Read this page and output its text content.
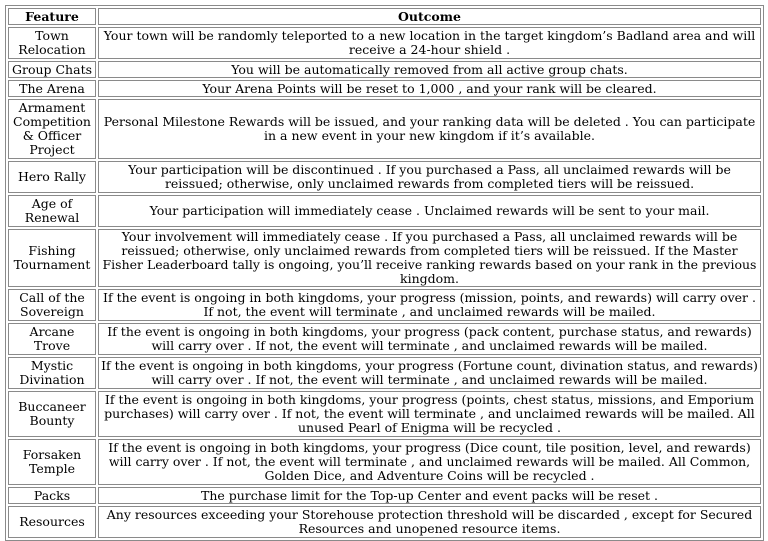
Feature	Outcome
Town Relocation	Your town will be randomly teleported to a new location in the target kingdom’s Badland area and will receive a 24-hour shield .
Group Chats	You will be automatically removed from all active group chats.
The Arena	Your Arena Points will be reset to 1,000 , and your rank will be cleared.
Armament Competition & Officer Project	Personal Milestone Rewards will be issued, and your ranking data will be deleted . You can participate in a new event in your new kingdom if it’s available.
Hero Rally	Your participation will be discontinued . If you purchased a Pass, all unclaimed rewards will be reissued; otherwise, only unclaimed rewards from completed tiers will be reissued.
Age of Renewal	Your participation will immediately cease . Unclaimed rewards will be sent to your mail.
Fishing Tournament	Your involvement will immediately cease . If you purchased a Pass, all unclaimed rewards will be reissued; otherwise, only unclaimed rewards from completed tiers will be reissued. If the Master Fisher Leaderboard tally is ongoing, you’ll receive ranking rewards based on your rank in the previous kingdom.
Call of the Sovereign	If the event is ongoing in both kingdoms, your progress (mission, points, and rewards) will carry over . If not, the event will terminate , and unclaimed rewards will be mailed.
Arcane Trove	If the event is ongoing in both kingdoms, your progress (pack content, purchase status, and rewards) will carry over . If not, the event will terminate , and unclaimed rewards will be mailed.
Mystic Divination	If the event is ongoing in both kingdoms, your progress (Fortune count, divination status, and rewards) will carry over . If not, the event will terminate , and unclaimed rewards will be mailed.
Buccaneer Bounty	If the event is ongoing in both kingdoms, your progress (points, chest status, missions, and Emporium purchases) will carry over . If not, the event will terminate , and unclaimed rewards will be mailed. All unused Pearl of Enigma will be recycled .
Forsaken Temple	If the event is ongoing in both kingdoms, your progress (Dice count, tile position, level, and rewards) will carry over . If not, the event will terminate , and unclaimed rewards will be mailed. All Common, Golden Dice, and Adventure Coins will be recycled .
Packs	The purchase limit for the Top-up Center and event packs will be reset .
Resources	Any resources exceeding your Storehouse protection threshold will be discarded , except for Secured Resources and unopened resource items.
